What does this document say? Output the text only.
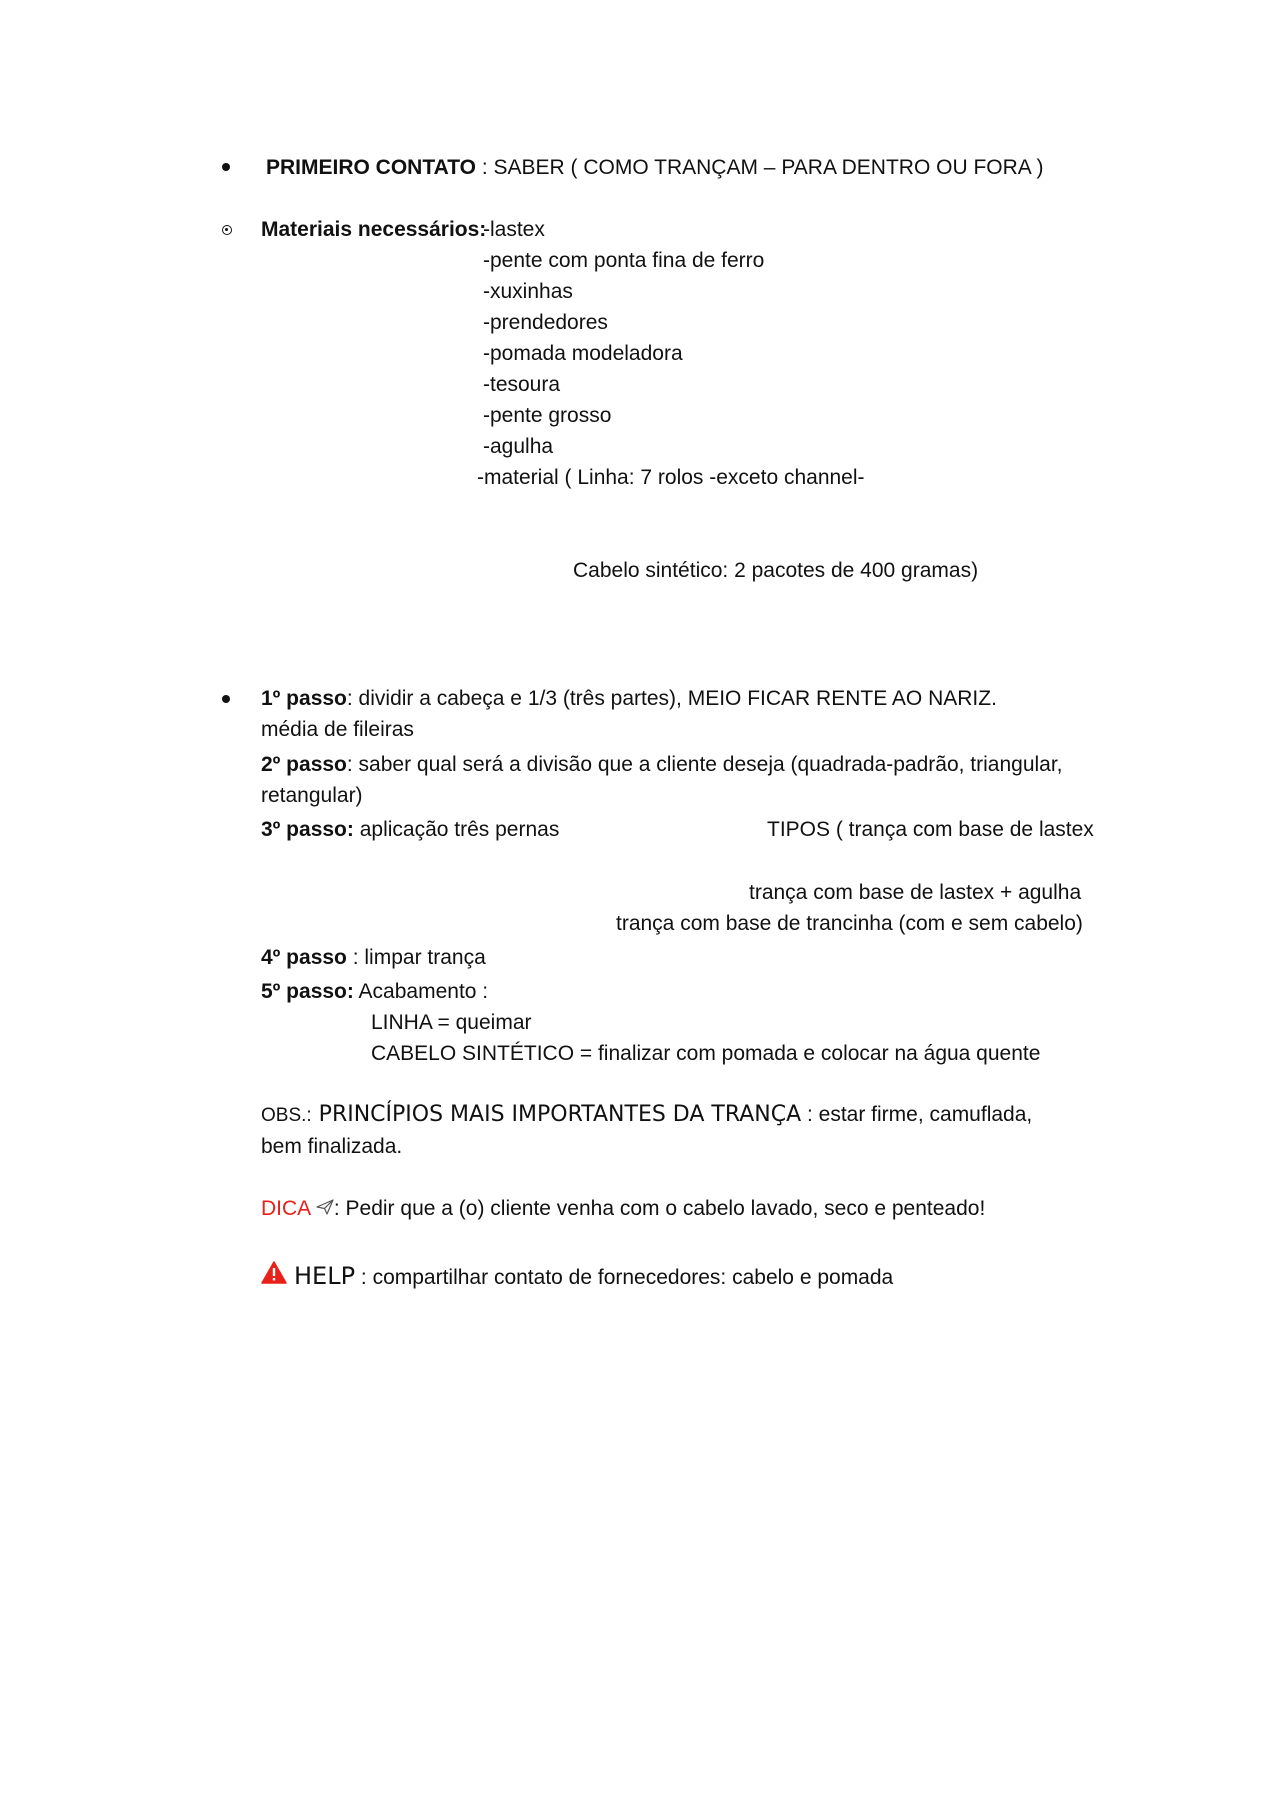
PRIMEIRO CONTATO : SABER ( COMO TRANÇAM – PARA DENTRO OU FORA )
Materiais necessários:
-lastex
-pente com ponta fina de ferro
-xuxinhas
-prendedores
-pomada modeladora
-tesoura
-pente grosso
-agulha
-material ( Linha: 7 rolos -exceto channel-
Cabelo sintético: 2 pacotes de 400 gramas)
1º passo: dividir a cabeça e 1/3 (três partes), MEIO FICAR RENTE AO NARIZ.
média de fileiras
2º passo: saber qual será a divisão que a cliente deseja (quadrada-padrão, triangular,
retangular)
3º passo: aplicação três pernas	TIPOS ( trança com base de lastex
trança com base de lastex + agulha
trança com base de trancinha (com e sem cabelo)
4º passo : limpar trança
5º passo: Acabamento :
LINHA = queimar
CABELO SINTÉTICO = finalizar com pomada e colocar na água quente
OBS.: PRINCÍPIOS MAIS IMPORTANTES DA TRANÇA : estar firme, camuflada,
bem finalizada.
DICA : Pedir que a (o) cliente venha com o cabelo lavado, seco e penteado!
HELP : compartilhar contato de fornecedores: cabelo e pomada
